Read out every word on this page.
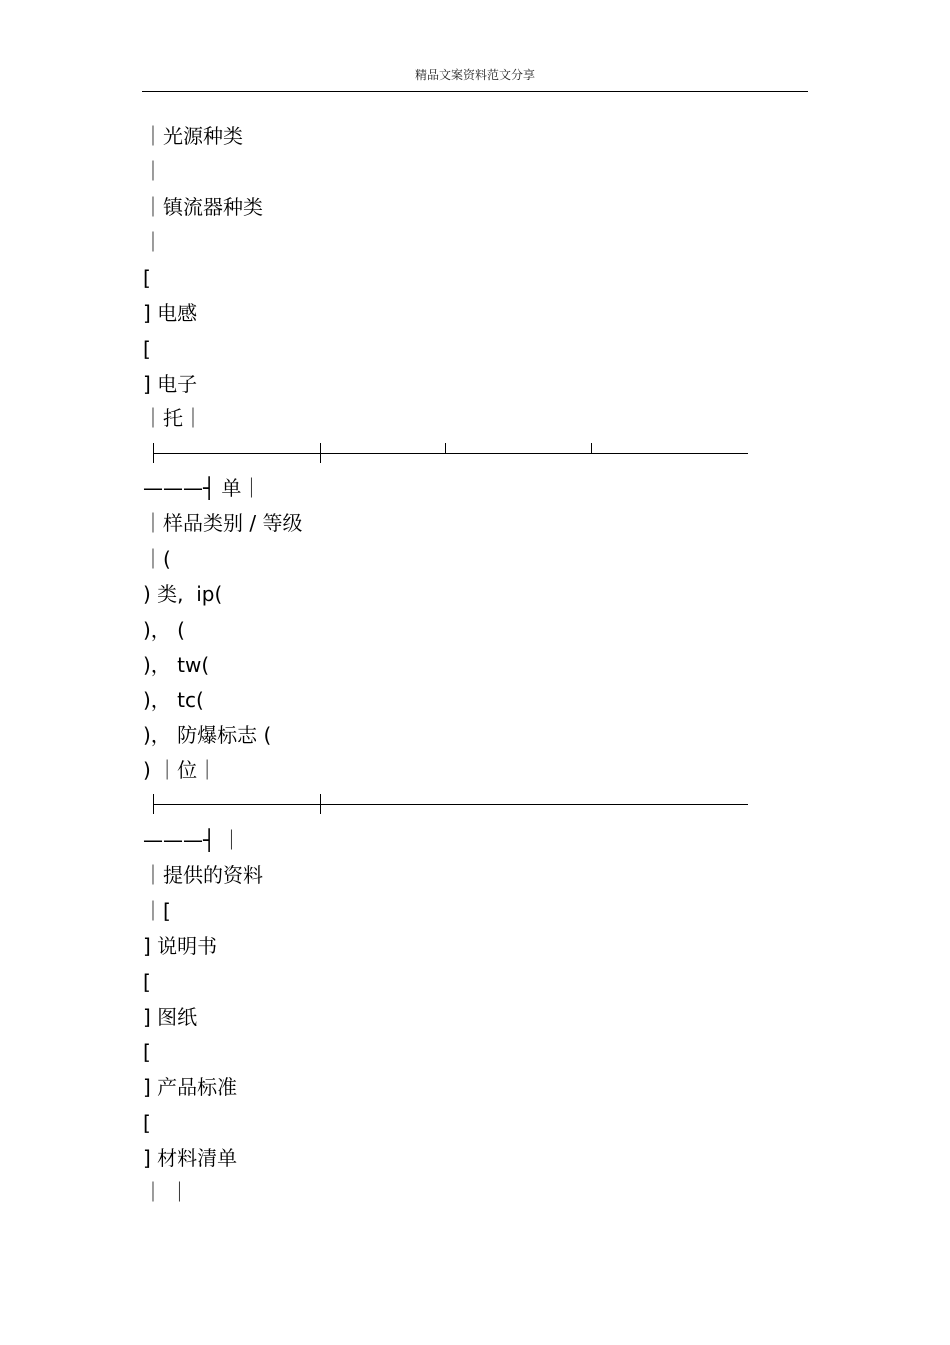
精品文案资料范文分享
｜光源种类
｜
｜镇流器种类
｜
[
] 电感
[
] 电子
｜托｜
———┤ 单｜
｜样品类别 / 等级
｜(
) 类,  ip(
)， (
)， tw(
)， tc(
)， 防爆标志 (
) ｜位｜
———┤ ｜
｜提供的资料
｜[
] 说明书
[
] 图纸
[
] 产品标准
[
] 材料清单
｜ ｜
